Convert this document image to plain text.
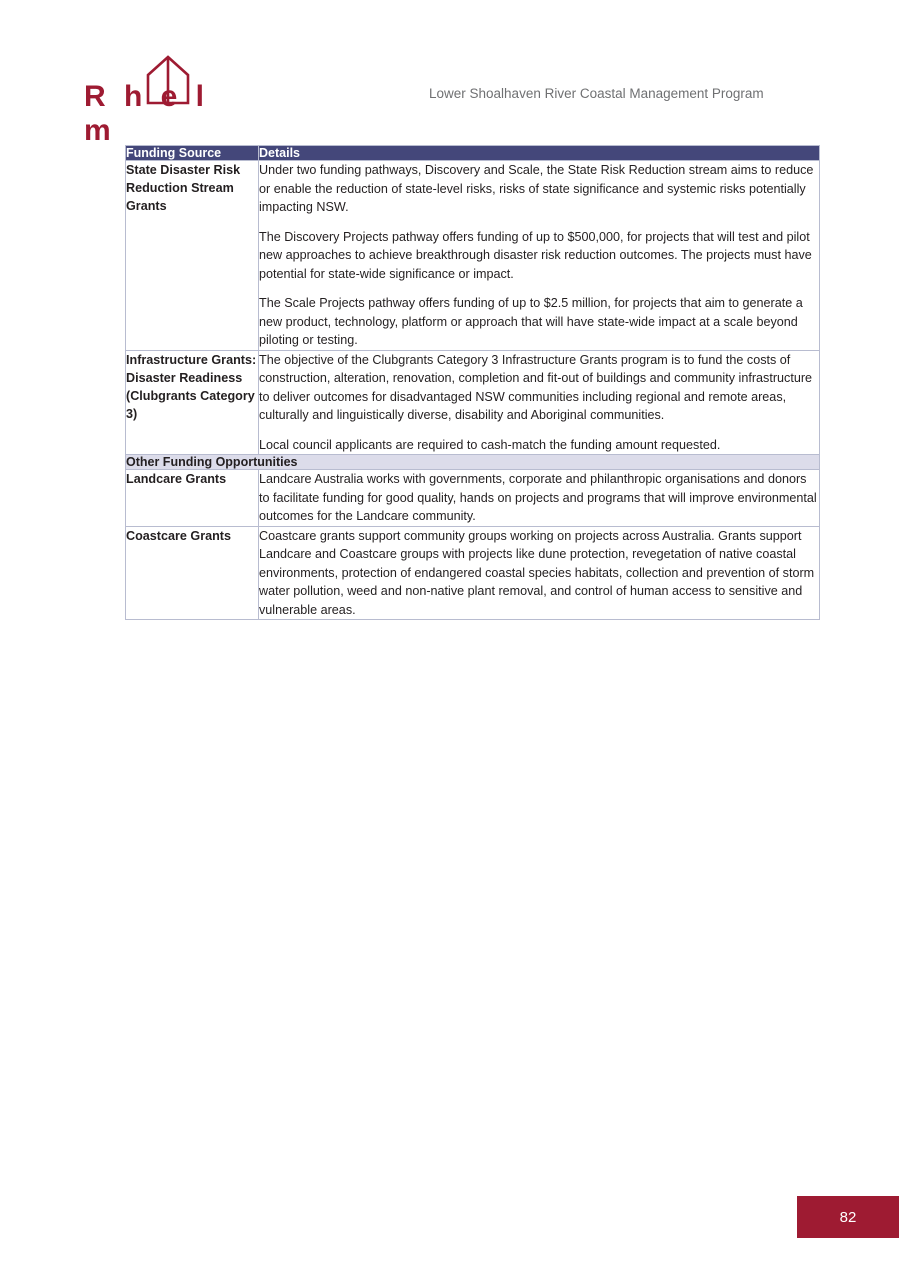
R h e l m
Lower Shoalhaven River Coastal Management Program
Funding Source	Details
State Disaster Risk Reduction Stream Grants	Under two funding pathways, Discovery and Scale, the State Risk Reduction stream aims to reduce or enable the reduction of state-level risks, risks of state significance and systemic risks potentially impacting NSW.

The Discovery Projects pathway offers funding of up to $500,000, for projects that will test and pilot new approaches to achieve breakthrough disaster risk reduction outcomes. The projects must have potential for state-wide significance or impact.

The Scale Projects pathway offers funding of up to $2.5 million, for projects that aim to generate a new product, technology, platform or approach that will have state-wide impact at a scale beyond piloting or testing.

Infrastructure Grants: Disaster Readiness (Clubgrants Category 3)	The objective of the Clubgrants Category 3 Infrastructure Grants program is to fund the costs of construction, alteration, renovation, completion and fit-out of buildings and community infrastructure to deliver outcomes for disadvantaged NSW communities including regional and remote areas, culturally and linguistically diverse, disability and Aboriginal communities.

Local council applicants are required to cash-match the funding amount requested.

Other Funding Opportunities	
Landcare Grants	Landcare Australia works with governments, corporate and philanthropic organisations and donors to facilitate funding for good quality, hands on projects and programs that will improve environmental outcomes for the Landcare community.

Coastcare Grants	Coastcare grants support community groups working on projects across Australia. Grants support Landcare and Coastcare groups with projects like dune protection, revegetation of native coastal environments, protection of endangered coastal species habitats, collection and prevention of storm water pollution, weed and non-native plant removal, and control of human access to sensitive and vulnerable areas.

82
